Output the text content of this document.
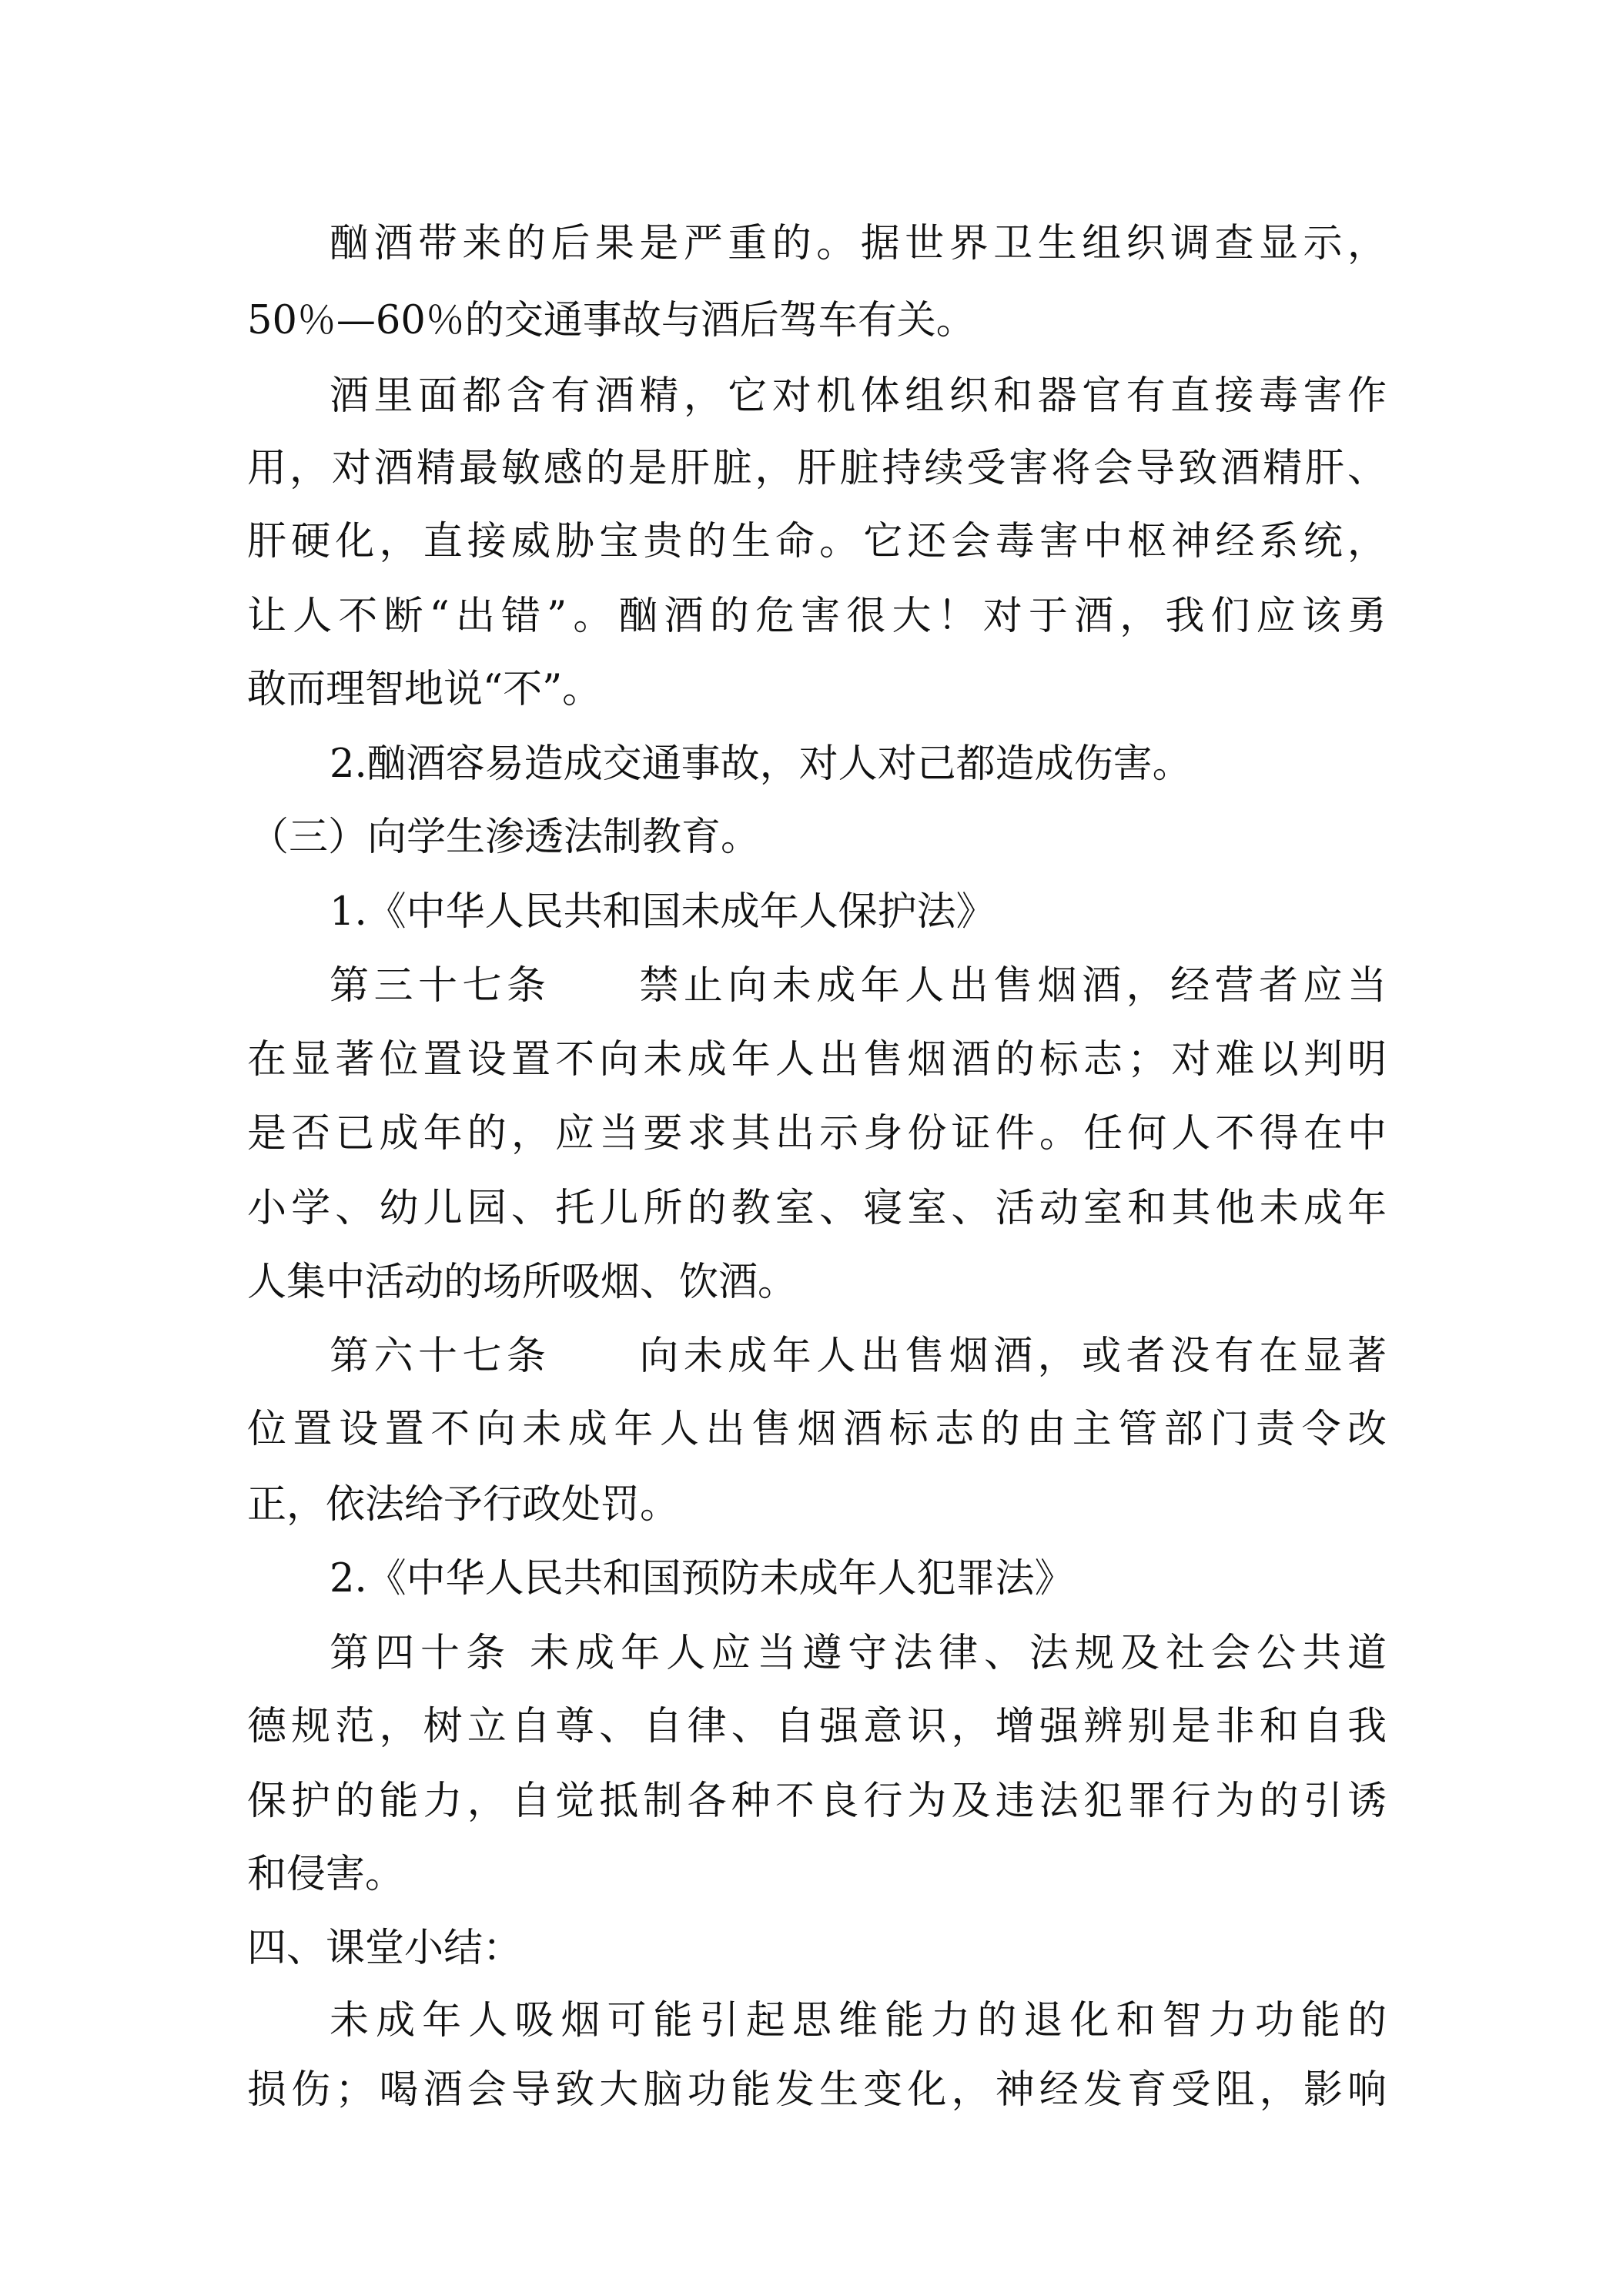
酗酒带来的后果是严重的。据世界卫生组织调查显示，
50％—60％的交通事故与酒后驾车有关。
酒里面都含有酒精，它对机体组织和器官有直接毒害作
用，对酒精最敏感的是肝脏，肝脏持续受害将会导致酒精肝、
肝硬化，直接威胁宝贵的生命。它还会毒害中枢神经系统，
让人不断“出错”。酗酒的危害很大！对于酒，我们应该勇
敢而理智地说“不”。
2.酗酒容易造成交通事故，对人对己都造成伤害。
（三）向学生渗透法制教育。
1.《中华人民共和国未成年人保护法》
第三十七条　　禁止向未成年人出售烟酒，经营者应当
在显著位置设置不向未成年人出售烟酒的标志；对难以判明
是否已成年的，应当要求其出示身份证件。任何人不得在中
小学、幼儿园、托儿所的教室、寝室、活动室和其他未成年
人集中活动的场所吸烟、饮酒。
第六十七条　　向未成年人出售烟酒，或者没有在显著
位置设置不向未成年人出售烟酒标志的由主管部门责令改
正，依法给予行政处罚。
2.《中华人民共和国预防未成年人犯罪法》
第四十条 未成年人应当遵守法律、法规及社会公共道
德规范，树立自尊、自律、自强意识，增强辨别是非和自我
保护的能力，自觉抵制各种不良行为及违法犯罪行为的引诱
和侵害。
四、课堂小结：
未成年人吸烟可能引起思维能力的退化和智力功能的
损伤；喝酒会导致大脑功能发生变化，神经发育受阻，影响
